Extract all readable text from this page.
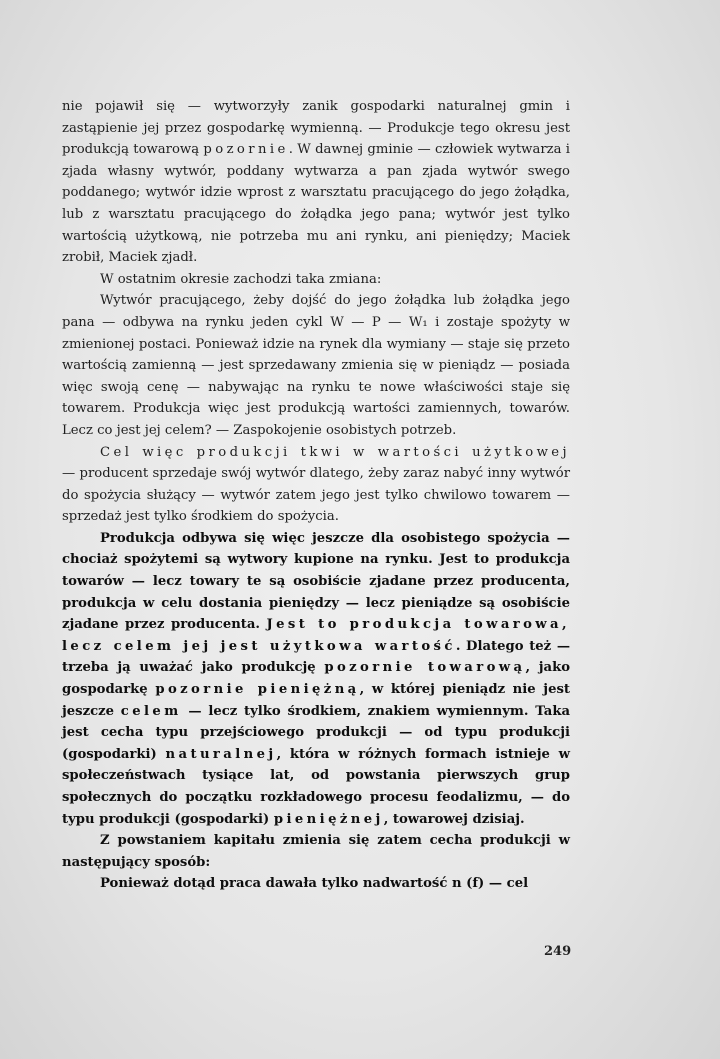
nie pojawił się — wytworzyły zanik gospodarki naturalnej gmin i zastąpienie jej przez gospodarkę wymienną. — Produkcje tego okresu jest produkcją towarową pozornie. W dawnej gminie — człowiek wytwarza i zjada własny wytwór, poddany wytwarza a pan zjada wytwór swego poddanego; wytwór idzie wprost z warsztatu pracującego do jego żołądka, lub z warsztatu pracującego do żołądka jego pana; wytwór jest tylko wartością użytkową, nie potrzeba mu ani rynku, ani pieniędzy; Maciek zrobił, Maciek zjadł.

W ostatnim okresie zachodzi taka zmiana:

Wytwór pracującego, żeby dojść do jego żołądka lub żołądka jego pana — odbywa na rynku jeden cykl W — P — W₁ i zostaje spożyty w zmienionej postaci. Ponieważ idzie na rynek dla wymiany — staje się przeto wartością zamienną — jest sprzedawany zmienia się w pieniądz — posiada więc swoją cenę — nabywając na rynku te nowe właściwości staje się towarem. Produkcja więc jest produkcją wartości zamiennych, towarów. Lecz co jest jej celem? — Zaspokojenie osobistych potrzeb.

Cel więc produkcji tkwi w wartości użytkowej — producent sprzedaje swój wytwór dlatego, żeby zaraz nabyć inny wytwór do spożycia służący — wytwór zatem jego jest tylko chwilowo towarem — sprzedaż jest tylko środkiem do spożycia.

Produkcja odbywa się więc jeszcze dla osobistego spożycia — chociaż spożytemi są wytwory kupione na rynku. Jest to produkcja towarów — lecz towary te są osobiście zjadane przez producenta, produkcja w celu dostania pieniędzy — lecz pieniądze są osobiście zjadane przez producenta. Jest to produkcja towarowa, lecz celem jej jest użytkowa wartość. Dlatego też — trzeba ją uważać jako produkcję pozornie towarową, jako gospodarkę pozornie pieniężną, w której pieniądz nie jest jeszcze celem — lecz tylko środkiem, znakiem wymiennym. Taka jest cecha typu przejściowego produkcji — od typu produkcji (gospodarki) naturalnej, która w różnych formach istnieje w społeczeństwach tysiące lat, od powstania pierwszych grup społecznych do początku rozkładowego procesu feodalizmu, — do typu produkcji (gospodarki) pieniężnej, towarowej dzisiaj.

Z powstaniem kapitału zmienia się zatem cecha produkcji w następujący sposób:

Ponieważ dotąd praca dawała tylko nadwartość n (f) — cel

249
